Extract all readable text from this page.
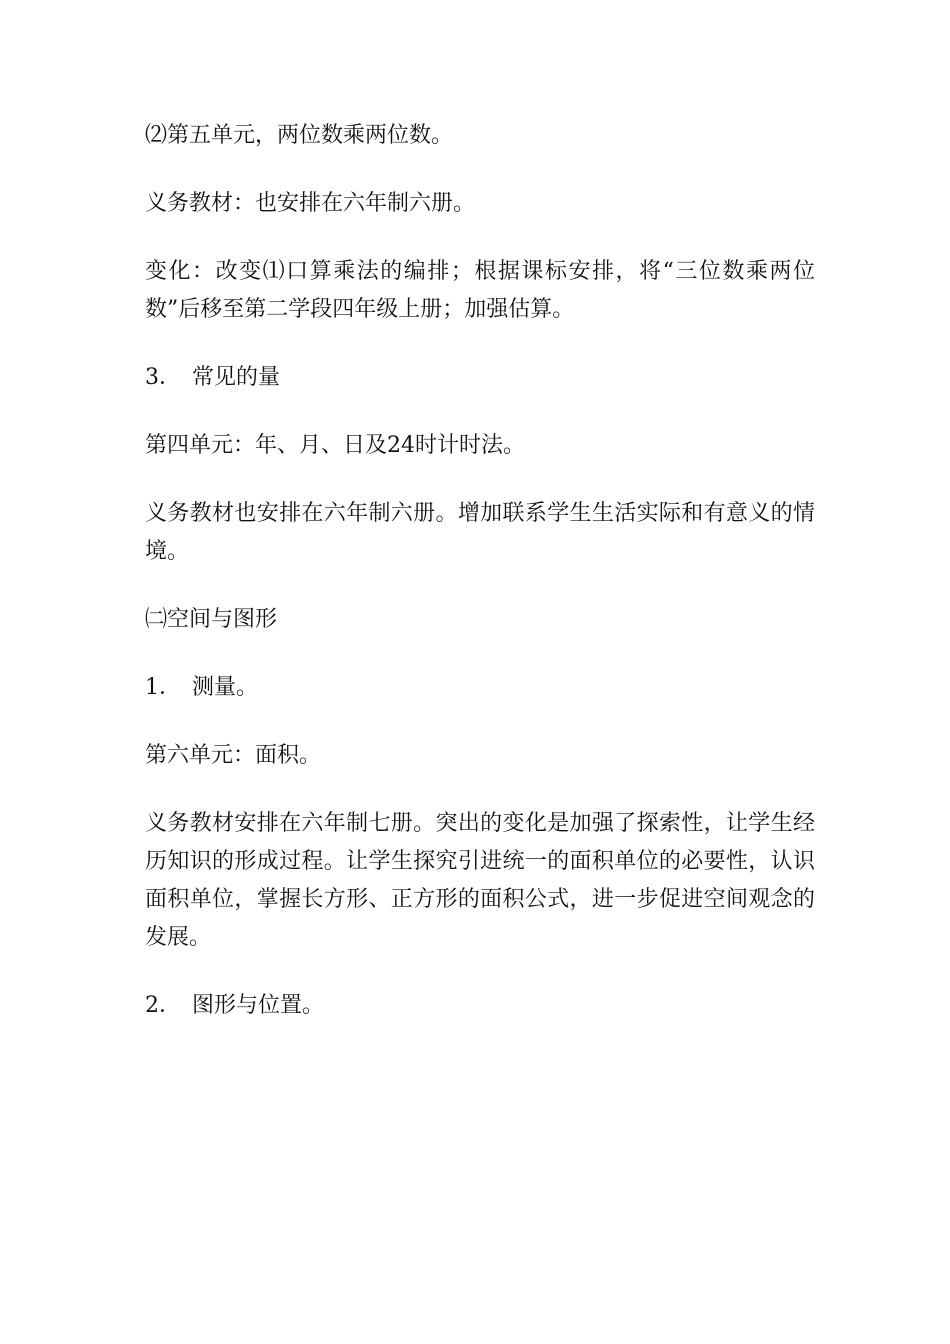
⑵第五单元，两位数乘两位数。

义务教材：也安排在六年制六册。

变化：改变⑴口算乘法的编排；根据课标安排，将“三位数乘两位数”后移至第二学段四年级上册；加强估算。

3．　常见的量

第四单元：年、月、日及24时计时法。

义务教材也安排在六年制六册。增加联系学生生活实际和有意义的情境。

㈡空间与图形

1．　测量。

第六单元：面积。

义务教材安排在六年制七册。突出的变化是加强了探索性，让学生经历知识的形成过程。让学生探究引进统一的面积单位的必要性，认识面积单位，掌握长方形、正方形的面积公式，进一步促进空间观念的发展。

2．　图形与位置。
